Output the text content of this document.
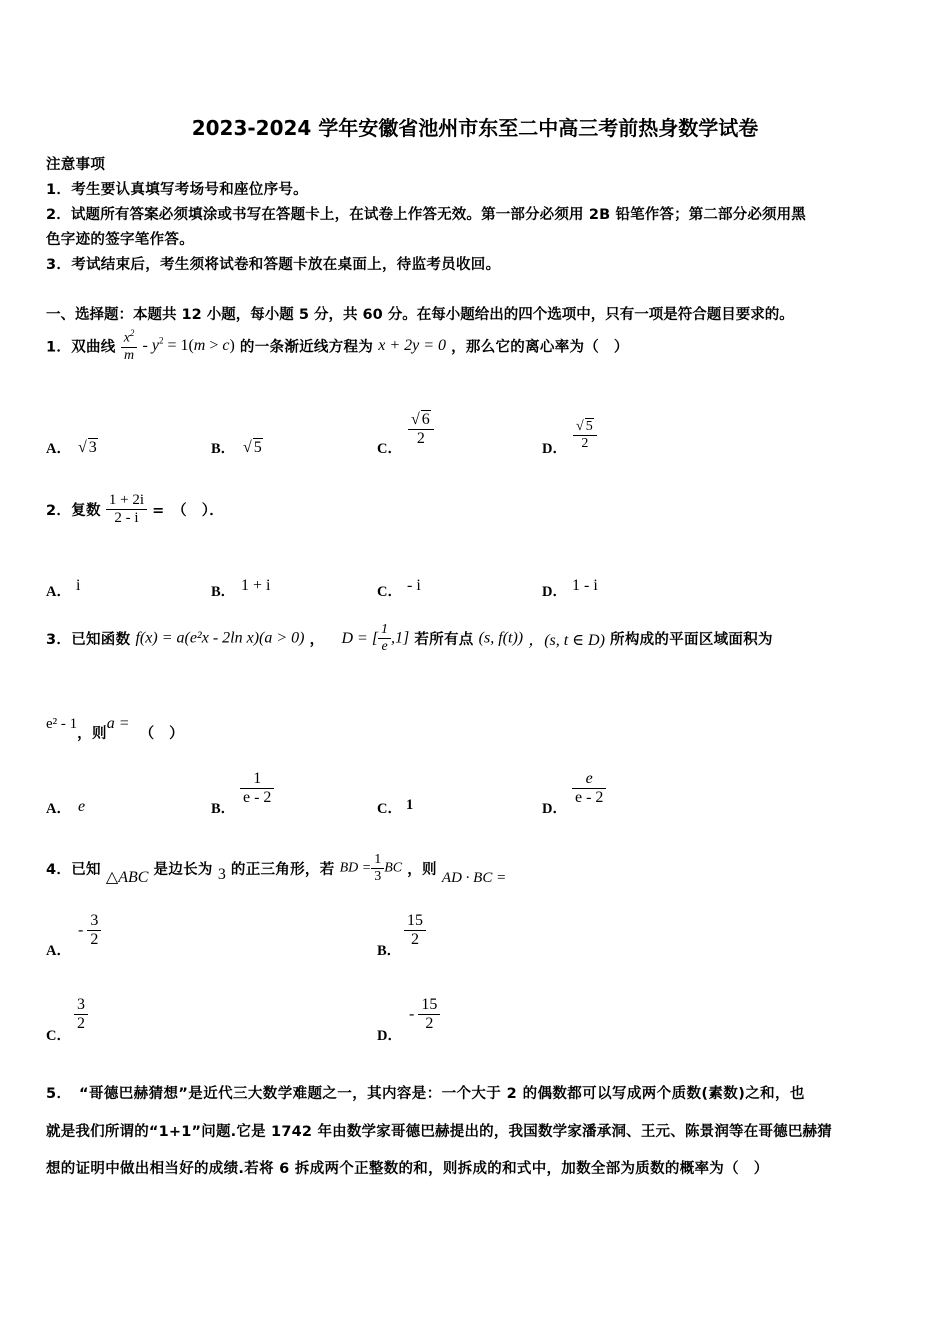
2023-2024 学年安徽省池州市东至二中高三考前热身数学试卷
注意事项
1．考生要认真填写考场号和座位序号。
2．试题所有答案必须填涂或书写在答题卡上，在试卷上作答无效。第一部分必须用 2B 铅笔作答；第二部分必须用黑
色字迹的签字笔作答。
3．考试结束后，考生须将试卷和答题卡放在桌面上，待监考员收回。
一、选择题：本题共 12 小题，每小题 5 分，共 60 分。在每小题给出的四个选项中，只有一项是符合题目要求的。
1．双曲线 $\frac{x^2}{m} - y^2 = 1(m > c)$ 的一条渐近线方程为 x + 2y = 0 ，那么它的离心率为（　）
A． √ 3	B． √ 5	C．
$\frac{√ 6}{2}$
D． $\frac{√ 5}{2}$
2．复数 $\frac{1 + 2i}{2 - i}$ =　（　）．
A． i	B． 1 + i	C． - i	D． 1 - i
3．已知函数 f(x) = a(e²x - 2ln x)(a > 0) ， D = [ $\frac{1}{e} ,1$] 若所有点 (s, f(t)) ，(s, t ∈ D) 所构成的平面区域面积为
e² - 1，则a =（　）
A． e	B．
$\frac{1}{e - 2}$
C． 1	D．
$\frac{e}{e - 2}$
4．已知 △ABC 是边长为 3 的正三角形，若 BD = $\frac{1}{3}$ BC ，则 AD · BC =
A．
- $\frac{3}{2}$
B．
$\frac{15}{2}$
C．
$\frac{3}{2}$
D．
- $\frac{15}{2}$
5．　“哥德巴赫猜想”是近代三大数学难题之一，其内容是：一个大于 2 的偶数都可以写成两个质数(素数)之和，也
就是我们所谓的“1+1”问题.它是 1742 年由数学家哥德巴赫提出的，我国数学家潘承洞、王元、陈景润等在哥德巴赫猜
想的证明中做出相当好的成绩.若将 6 拆成两个正整数的和，则拆成的和式中，加数全部为质数的概率为（　）
